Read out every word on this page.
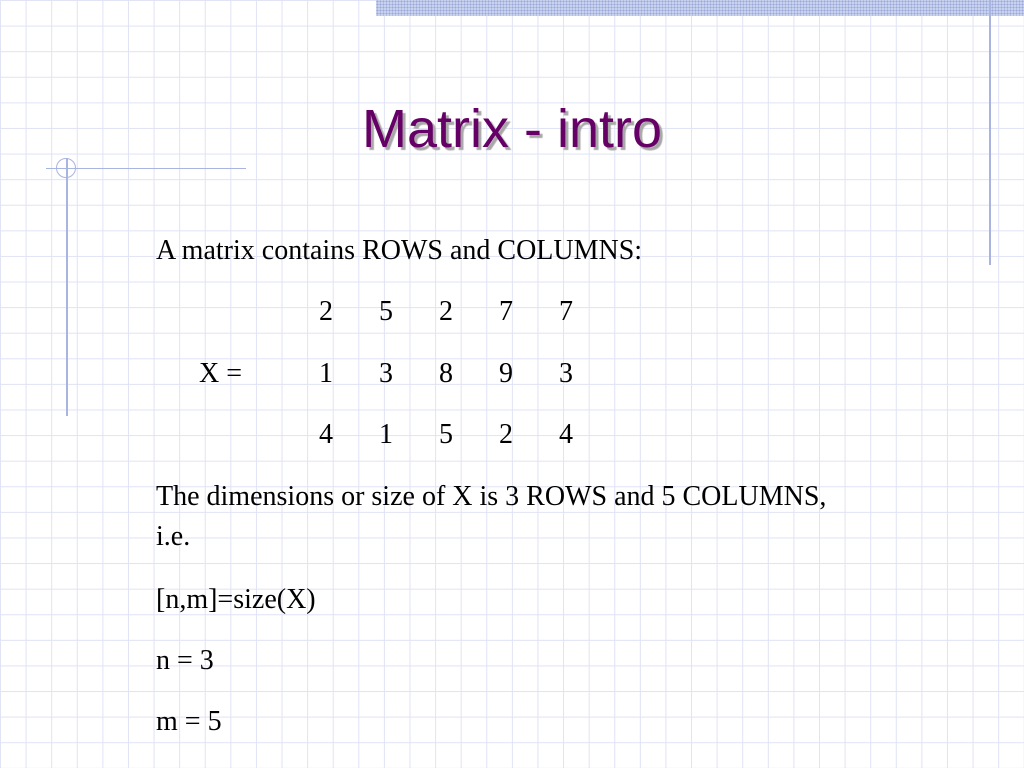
Matrix - intro

A matrix contains ROWS and COLUMNS:

X =
2 5 2 7 7
1 3 8 9 3
4 1 5 2 4

The dimensions or size of X is 3 ROWS and 5 COLUMNS, i.e.

[n,m]=size(X)

n = 3

m = 5
